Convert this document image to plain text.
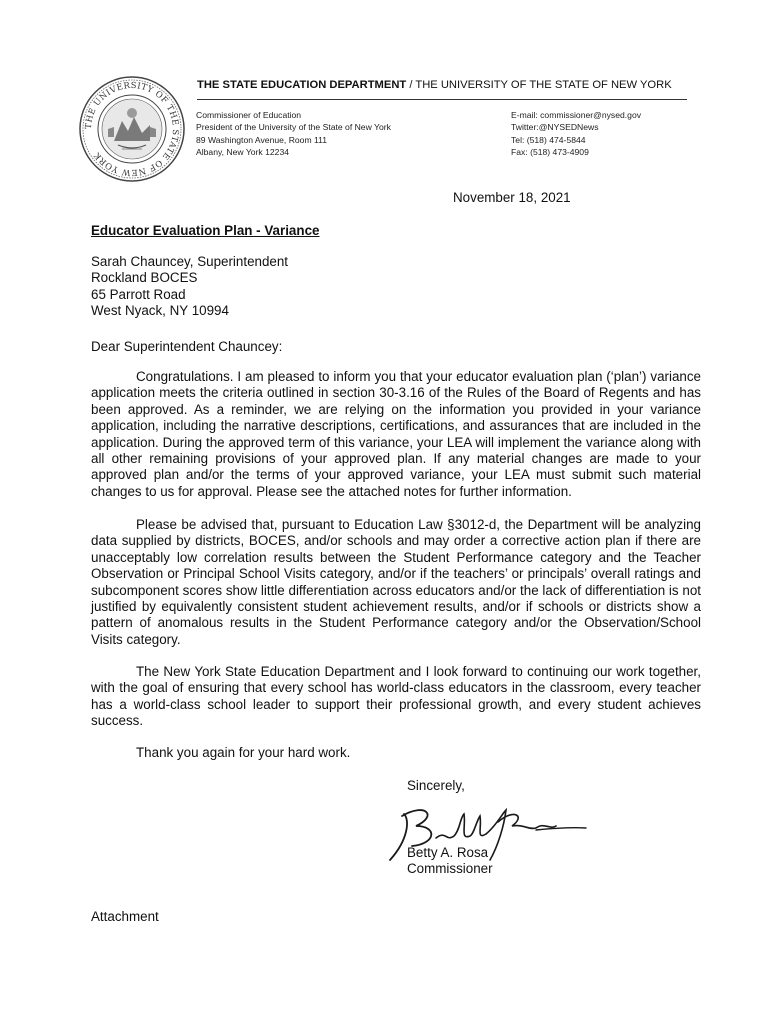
THE UNIVERSITY OF THE STATE OF NEW YORK
THE STATE EDUCATION DEPARTMENT / THE UNIVERSITY OF THE STATE OF NEW YORK
Commissioner of Education
President of the University of the State of New York
89 Washington Avenue, Room 111
Albany, New York 12234
E-mail: commissioner@nysed.gov
Twitter:@NYSEDNews
Tel: (518) 474-5844
Fax: (518) 473-4909
November 18, 2021
Educator Evaluation Plan - Variance
Sarah Chauncey, Superintendent
Rockland BOCES
65 Parrott Road
West Nyack, NY 10994
Dear Superintendent Chauncey:

Congratulations. I am pleased to inform you that your educator evaluation plan (‘plan’) variance application meets the criteria outlined in section 30-3.16 of the Rules of the Board of Regents and has been approved. As a reminder, we are relying on the information you provided in your variance application, including the narrative descriptions, certifications, and assurances that are included in the application. During the approved term of this variance, your LEA will implement the variance along with all other remaining provisions of your approved plan. If any material changes are made to your approved plan and/or the terms of your approved variance, your LEA must submit such material changes to us for approval. Please see the attached notes for further information.

Please be advised that, pursuant to Education Law §3012-d, the Department will be analyzing data supplied by districts, BOCES, and/or schools and may order a corrective action plan if there are unacceptably low correlation results between the Student Performance category and the Teacher Observation or Principal School Visits category, and/or if the teachers’ or principals’ overall ratings and subcomponent scores show little differentiation across educators and/or the lack of differentiation is not justified by equivalently consistent student achievement results, and/or if schools or districts show a pattern of anomalous results in the Student Performance category and/or the Observation/School Visits category.

The New York State Education Department and I look forward to continuing our work together, with the goal of ensuring that every school has world-class educators in the classroom, every teacher has a world-class school leader to support their professional growth, and every student achieves success.

Thank you again for your hard work.
Sincerely,
Betty A. Rosa
Commissioner
Attachment
